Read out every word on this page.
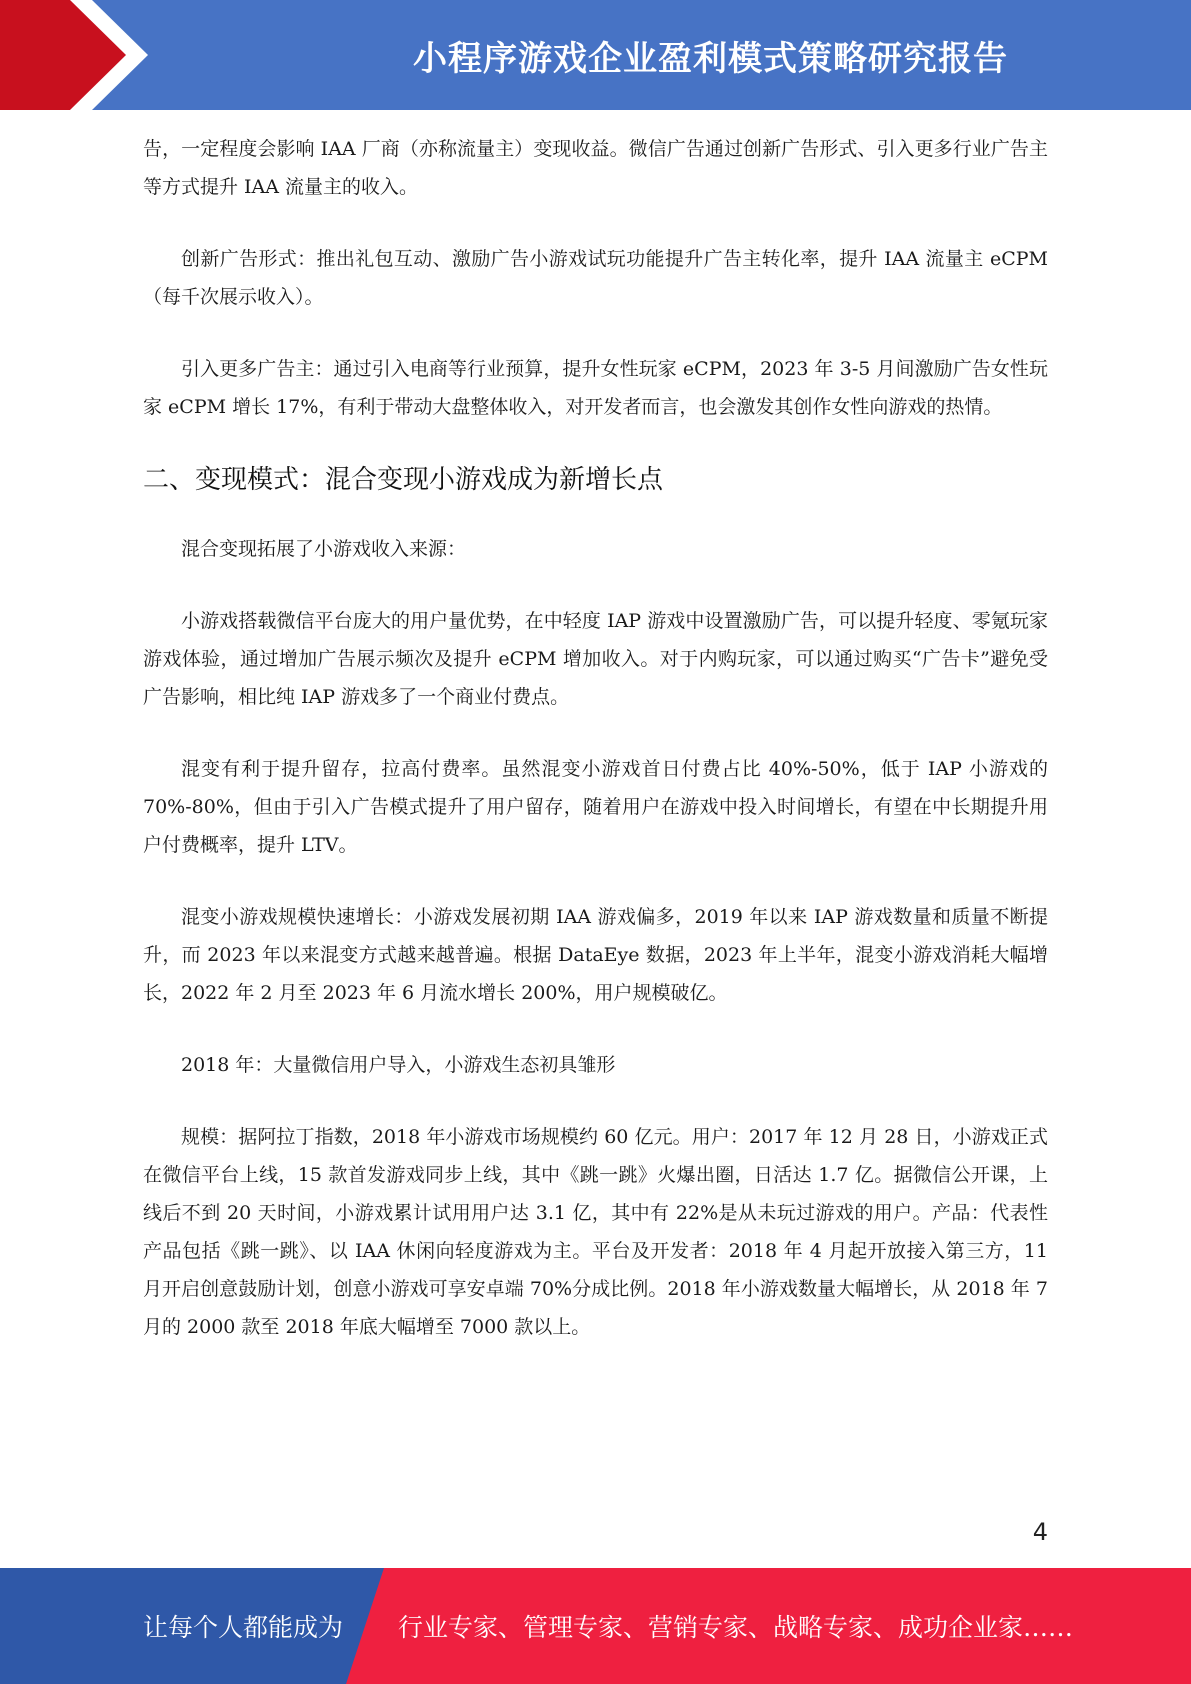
小程序游戏企业盈利模式策略研究报告

告，一定程度会影响 IAA 厂商（亦称流量主）变现收益。微信广告通过创新广告形式、引入更多行业广告主等方式提升 IAA 流量主的收入。

创新广告形式：推出礼包互动、激励广告小游戏试玩功能提升广告主转化率，提升 IAA 流量主 eCPM（每千次展示收入）。

引入更多广告主：通过引入电商等行业预算，提升女性玩家 eCPM，2023 年 3-5 月间激励广告女性玩家 eCPM 增长 17%，有利于带动大盘整体收入，对开发者而言，也会激发其创作女性向游戏的热情。

二、变现模式：混合变现小游戏成为新增长点

混合变现拓展了小游戏收入来源：

小游戏搭载微信平台庞大的用户量优势，在中轻度 IAP 游戏中设置激励广告，可以提升轻度、零氪玩家游戏体验，通过增加广告展示频次及提升 eCPM 增加收入。对于内购玩家，可以通过购买“广告卡”避免受广告影响，相比纯 IAP 游戏多了一个商业付费点。

混变有利于提升留存，拉高付费率。虽然混变小游戏首日付费占比 40%-50%，低于 IAP 小游戏的 70%-80%，但由于引入广告模式提升了用户留存，随着用户在游戏中投入时间增长，有望在中长期提升用户付费概率，提升 LTV。

混变小游戏规模快速增长：小游戏发展初期 IAA 游戏偏多，2019 年以来 IAP 游戏数量和质量不断提升，而 2023 年以来混变方式越来越普遍。根据 DataEye 数据，2023 年上半年，混变小游戏消耗大幅增长，2022 年 2 月至 2023 年 6 月流水增长 200%，用户规模破亿。

2018 年：大量微信用户导入，小游戏生态初具雏形

规模：据阿拉丁指数，2018 年小游戏市场规模约 60 亿元。用户：2017 年 12 月 28 日，小游戏正式在微信平台上线，15 款首发游戏同步上线，其中《跳一跳》火爆出圈，日活达 1.7 亿。据微信公开课，上线后不到 20 天时间，小游戏累计试用用户达 3.1 亿，其中有 22%是从未玩过游戏的用户。产品：代表性产品包括《跳一跳》、以 IAA 休闲向轻度游戏为主。平台及开发者：2018 年 4 月起开放接入第三方，11 月开启创意鼓励计划，创意小游戏可享安卓端 70%分成比例。2018 年小游戏数量大幅增长，从 2018 年 7 月的 2000 款至 2018 年底大幅增至 7000 款以上。

4
让每个人都能成为 行业专家、管理专家、营销专家、战略专家、成功企业家……
